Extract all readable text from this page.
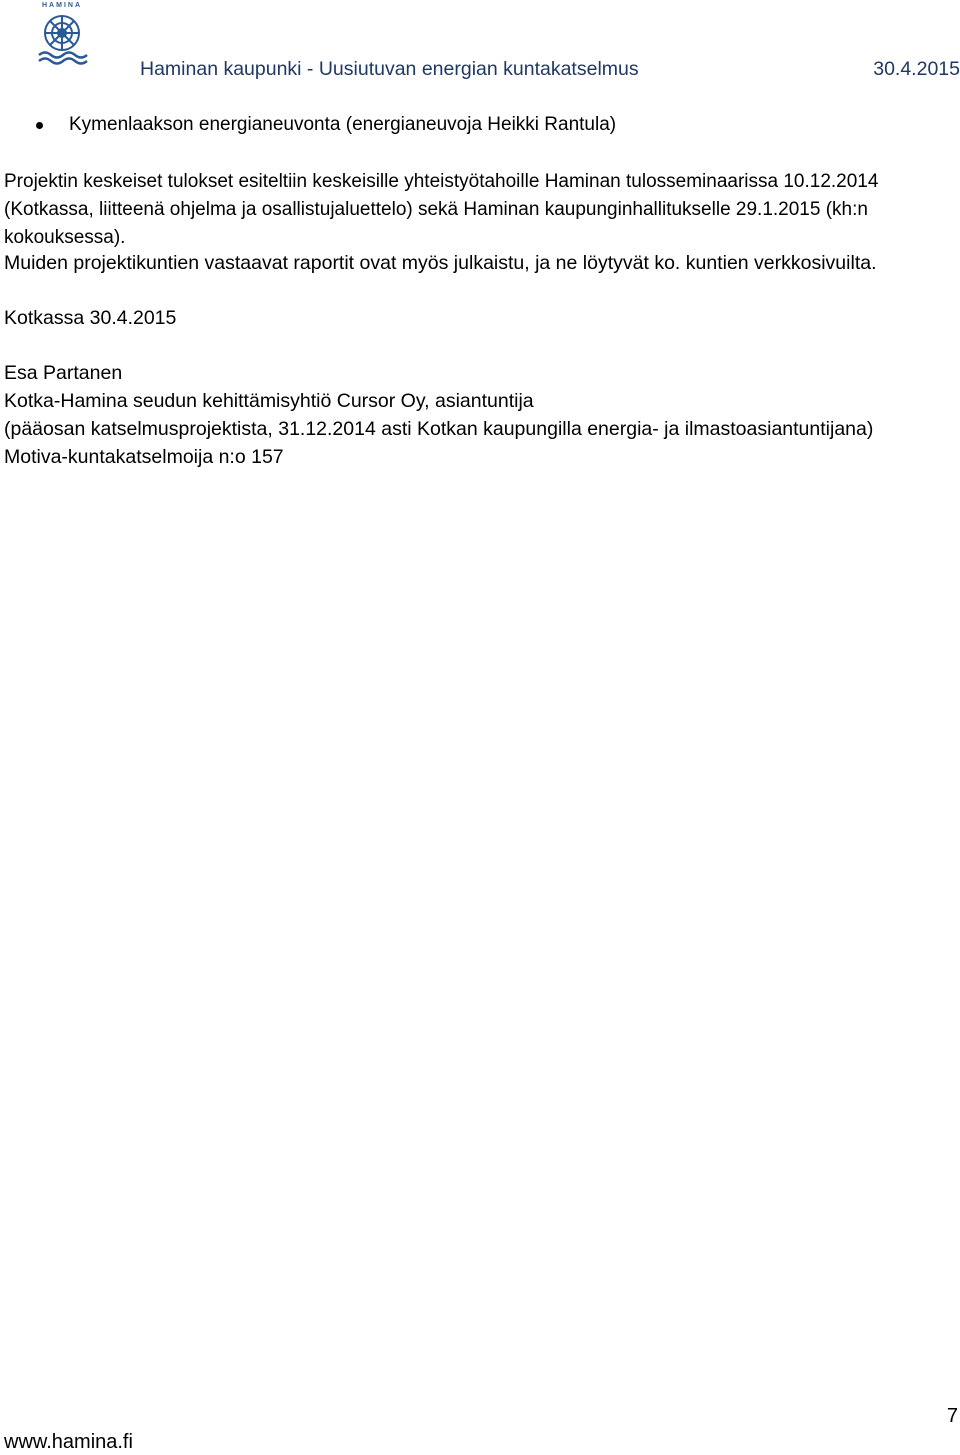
HAMINA
Haminan kaupunki - Uusiutuvan energian kuntakatselmus	30.4.2015
Kymenlaakson energianeuvonta (energianeuvoja Heikki Rantula)
Projektin keskeiset tulokset esiteltiin keskeisille yhteistyötahoille Haminan tulosseminaarissa 10.12.2014 (Kotkassa, liitteenä ohjelma ja osallistujaluettelo) sekä Haminan kaupunginhallitukselle 29.1.2015 (kh:n kokouksessa).
Muiden projektikuntien vastaavat raportit ovat myös julkaistu, ja ne löytyvät ko. kuntien verkkosivuilta.
Kotkassa 30.4.2015
Esa Partanen
Kotka-Hamina seudun kehittämisyhtiö Cursor Oy, asiantuntija
(pääosan katselmusprojektista, 31.12.2014 asti Kotkan kaupungilla energia- ja ilmastoasiantuntijana)
Motiva-kuntakatselmoija n:o 157
7
www.hamina.fi
